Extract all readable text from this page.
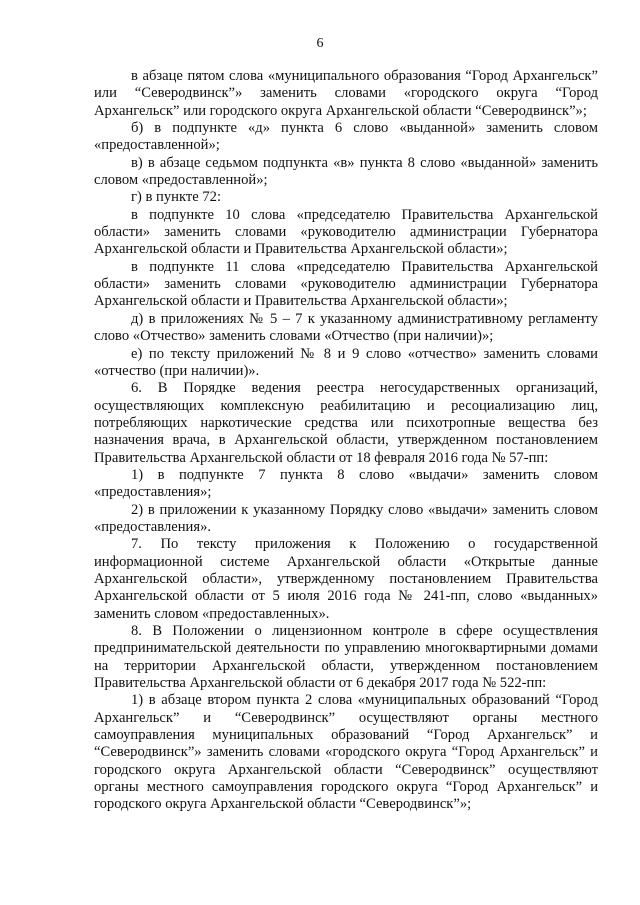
6

в абзаце пятом слова «муниципального образования “Город Архангельск” или “Северодвинск”» заменить словами «городского округа “Город Архангельск” или городского округа Архангельской области “Северодвинск”»;

б) в подпункте «д» пункта 6 слово «выданной» заменить словом «предоставленной»;

в) в абзаце седьмом подпункта «в» пункта 8 слово «выданной» заменить словом «предоставленной»;

г) в пункте 72:

в подпункте 10 слова «председателю Правительства Архангельской области» заменить словами «руководителю администрации Губернатора Архангельской области и Правительства Архангельской области»;

в подпункте 11 слова «председателю Правительства Архангельской области» заменить словами «руководителю администрации Губернатора Архангельской области и Правительства Архангельской области»;

д) в приложениях № 5 – 7 к указанному административному регламенту слово «Отчество» заменить словами «Отчество (при наличии)»;

е) по тексту приложений № 8 и 9 слово «отчество» заменить словами «отчество (при наличии)».

6. В Порядке ведения реестра негосударственных организаций, осуществляющих комплексную реабилитацию и ресоциализацию лиц, потребляющих наркотические средства или психотропные вещества без назначения врача, в Архангельской области, утвержденном постановлением Правительства Архангельской области от 18 февраля 2016 года № 57-пп:

1) в подпункте 7 пункта 8 слово «выдачи» заменить словом «предоставления»;

2) в приложении к указанному Порядку слово «выдачи» заменить словом «предоставления».

7. По тексту приложения к Положению о государственной информационной системе Архангельской области «Открытые данные Архангельской области», утвержденному постановлением Правительства Архангельской области от 5 июля 2016 года № 241-пп, слово «выданных» заменить словом «предоставленных».

8. В Положении о лицензионном контроле в сфере осуществления предпринимательской деятельности по управлению многоквартирными домами на территории Архангельской области, утвержденном постановлением Правительства Архангельской области от 6 декабря 2017 года № 522-пп:

1) в абзаце втором пункта 2 слова «муниципальных образований “Город Архангельск” и “Северодвинск” осуществляют органы местного самоуправления муниципальных образований “Город Архангельск” и “Северодвинск”» заменить словами «городского округа “Город Архангельск” и городского округа Архангельской области “Северодвинск” осуществляют органы местного самоуправления городского округа “Город Архангельск” и городского округа Архангельской области “Северодвинск”»;
